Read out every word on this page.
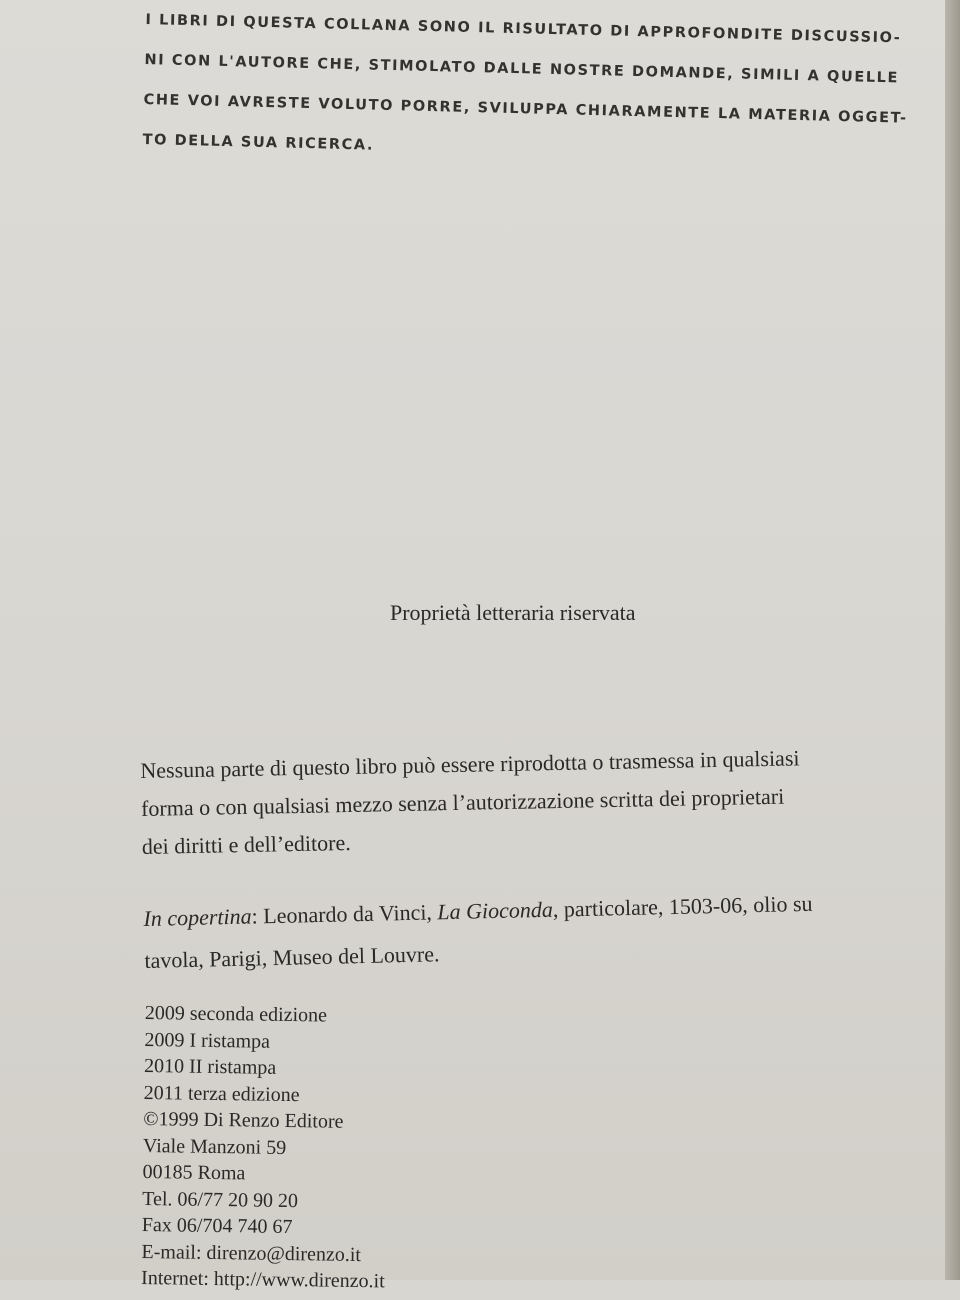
I LIBRI DI QUESTA COLLANA SONO IL RISULTATO DI APPROFONDITE DISCUSSIO-
NI CON L'AUTORE CHE, STIMOLATO DALLE NOSTRE DOMANDE, SIMILI A QUELLE
CHE VOI AVRESTE VOLUTO PORRE, SVILUPPA CHIARAMENTE LA MATERIA OGGET-
TO DELLA SUA RICERCA.
Proprietà letteraria riservata
Nessuna parte di questo libro può essere riprodotta o trasmessa in qualsiasi
forma o con qualsiasi mezzo senza l’autorizzazione scritta dei proprietari
dei diritti e dell’editore.
In copertina: Leonardo da Vinci, La Gioconda, particolare, 1503-06, olio su
tavola, Parigi, Museo del Louvre.
2009 seconda edizione
2009 I ristampa
2010 II ristampa
2011 terza edizione
©1999 Di Renzo Editore
Viale Manzoni 59
00185 Roma
Tel. 06/77 20 90 20
Fax 06/704 740 67
E-mail: direnzo@direnzo.it
Internet: http://www.direnzo.it
